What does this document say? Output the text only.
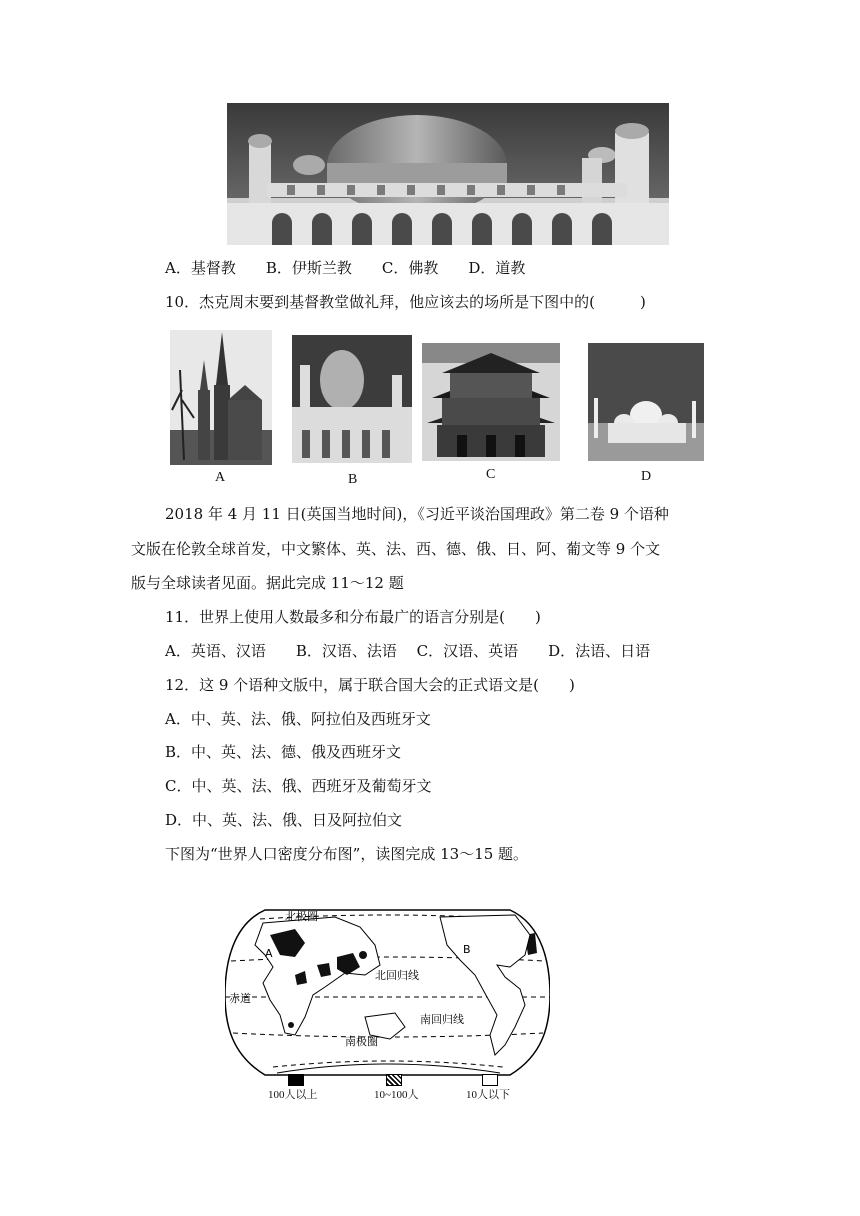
A．基督教　　B．伊斯兰教　　C．佛教　　D．道教
10．杰克周末要到基督教堂做礼拜，他应该去的场所是下图中的(　　　)
A	B	C	D
2018 年 4 月 11 日(英国当地时间)，《习近平谈治国理政》第二卷 9 个语种
文版在伦敦全球首发，中文繁体、英、法、西、德、俄、日、阿、葡文等 9 个文
版与全球读者见面。据此完成 11～12 题
11．世界上使用人数最多和分布最广的语言分别是(　　)
A．英语、汉语　　B．汉语、法语　 C．汉语、英语　　D．法语、日语
12．这 9 个语种文版中，属于联合国大会的正式语文是(　　)
A．中、英、法、俄、阿拉伯及西班牙文
B．中、英、法、德、俄及西班牙文
C．中、英、法、俄、西班牙及葡萄牙文
D．中、英、法、俄、日及阿拉伯文
下图为“世界人口密度分布图”，读图完成 13～15 题。
北极圈
北回归线
赤道
南回归线
南极圈
A	B
100人以上	10~100人	10人以下
